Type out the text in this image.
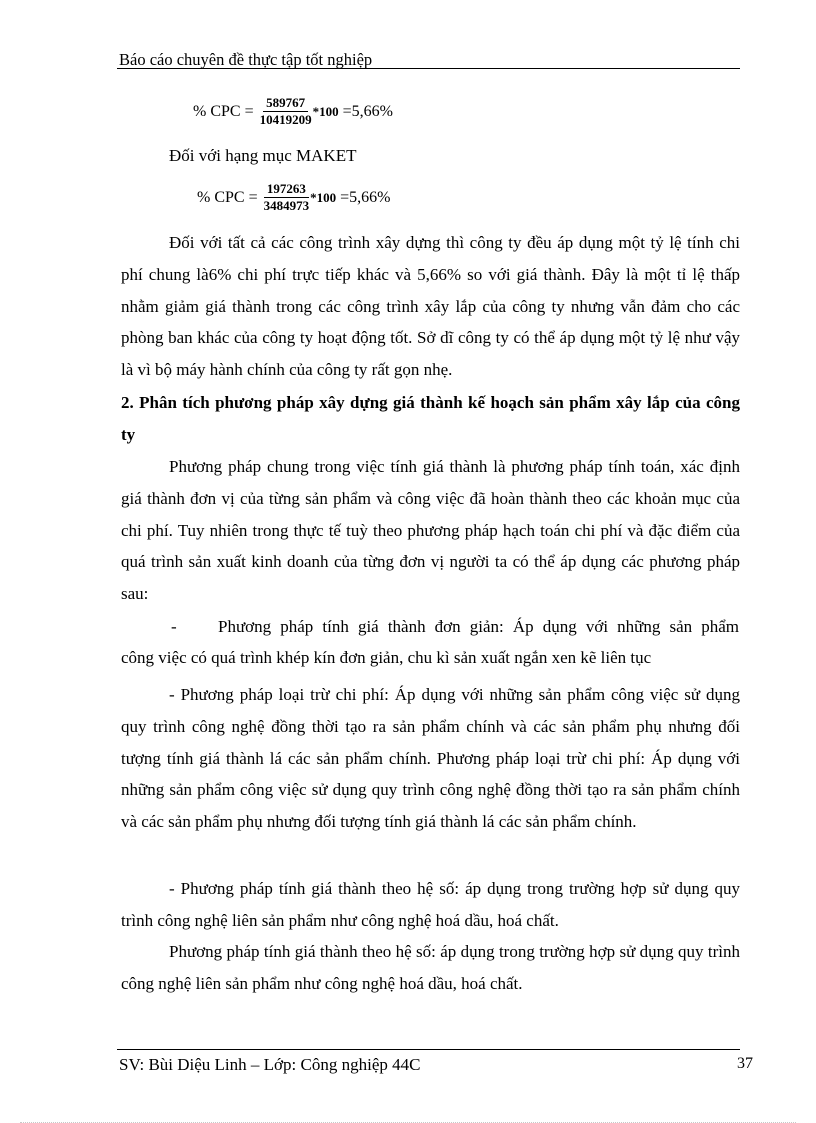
Báo cáo chuyên đề thực tập tốt nghiệp
% CPC = $\frac{589767}{10419209} *100 =5,66\%$
Đối với hạng mục MAKET
% CPC = $\frac{197263}{3484973} *100 =5,66\%$
Đối với tất cả các công trình xây dựng thì công ty đều áp dụng một tỷ lệ tính chi phí chung là6% chi phí trực tiếp khác và 5,66% so với giá thành. Đây là một tỉ lệ thấp nhằm giảm giá thành trong các công trình xây lắp của công ty nhưng vẫn đảm cho các phòng ban khác của công ty hoạt động tốt. Sở dĩ công ty có thể áp dụng một tỷ lệ như vậy là vì bộ máy hành chính của công ty rất gọn nhẹ.
2. Phân tích phương pháp xây dựng giá thành kế hoạch sản phẩm xây lắp của công ty
Phương pháp chung trong việc tính giá thành là phương pháp tính toán, xác định giá thành đơn vị của từng sản phẩm và công việc đã hoàn thành theo các khoản mục của chi phí. Tuy nhiên trong thực tế tuỳ theo phương pháp hạch toán chi phí và đặc điểm của quá trình sản xuất kinh doanh của từng đơn vị người ta có thể áp dụng các phương pháp sau:
- Phương pháp tính giá thành đơn giản: Áp dụng với những sản phẩm
công việc có quá trình khép kín đơn giản, chu kì sản xuất ngắn xen kẽ liên tục
- Phương pháp loại trừ chi phí: Áp dụng với những sản phẩm công việc sử dụng quy trình công nghệ đồng thời tạo ra sản phẩm chính và các sản phẩm phụ nhưng đối tượng tính giá thành lá các sản phẩm chính. Phương pháp loại trừ chi phí: Áp dụng với những sản phẩm công việc sử dụng quy trình công nghệ đồng thời tạo ra sản phẩm chính và các sản phẩm phụ nhưng đối tượng tính giá thành lá các sản phẩm chính.
- Phương pháp tính giá thành theo hệ số: áp dụng trong trường hợp sử dụng quy trình công nghệ liên sản phẩm như công nghệ hoá dầu, hoá chất.
Phương pháp tính giá thành theo hệ số: áp dụng trong trường hợp sử dụng quy trình công nghệ liên sản phẩm như công nghệ hoá dầu, hoá chất.
SV: Bùi Diệu Linh – Lớp: Công nghiệp 44C	37
